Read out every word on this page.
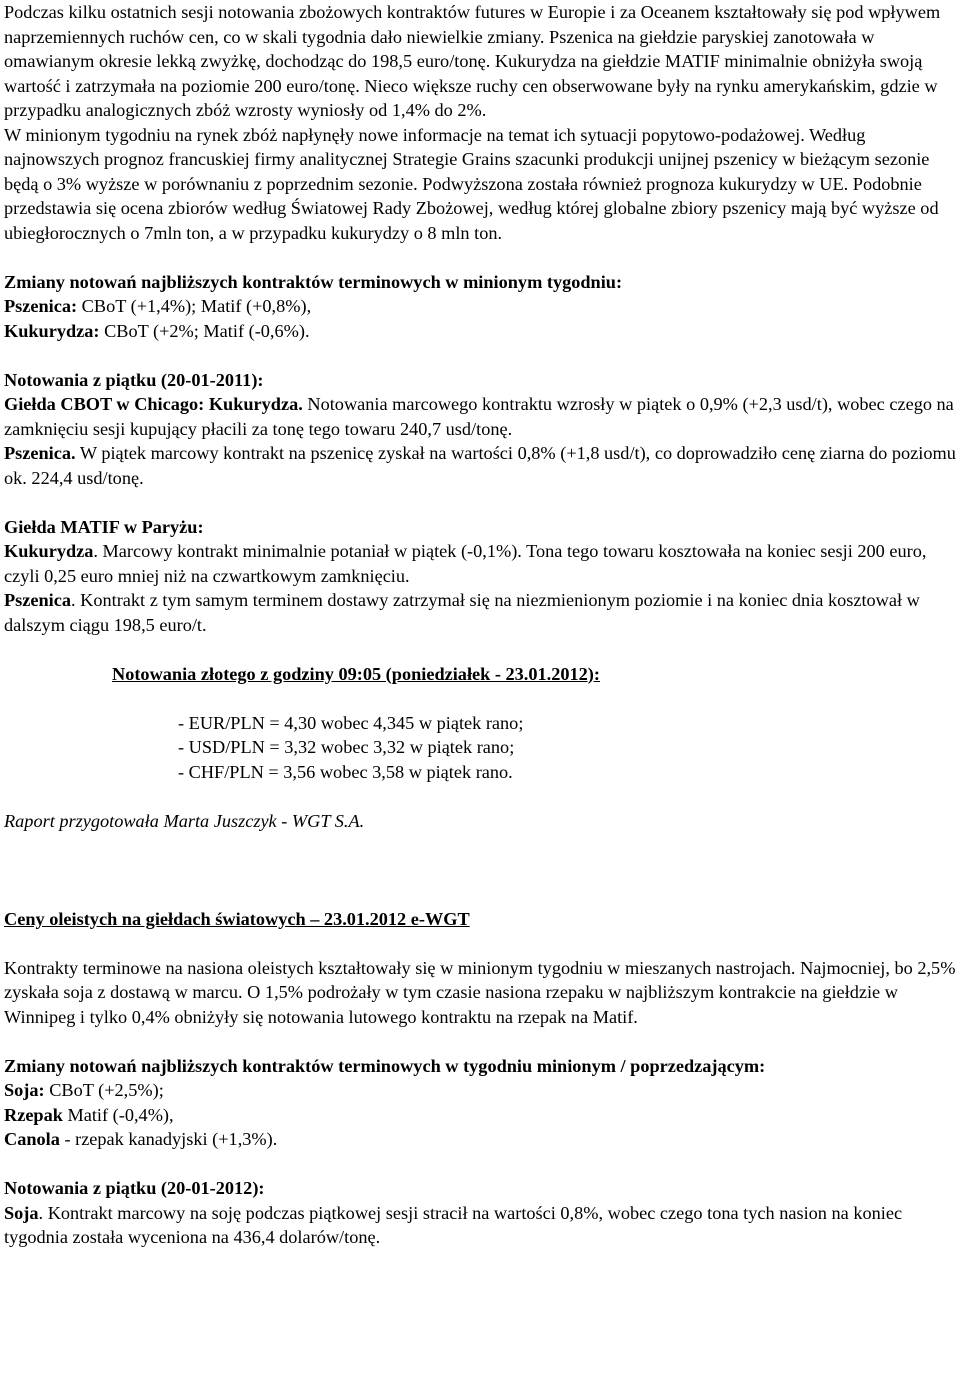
Podczas kilku ostatnich sesji notowania zbożowych kontraktów futures w Europie i za Oceanem kształtowały się pod wpływem naprzemiennych ruchów cen, co w skali tygodnia dało niewielkie zmiany. Pszenica na giełdzie paryskiej zanotowała w omawianym okresie lekką zwyżkę, dochodząc do 198,5 euro/tonę. Kukurydza na giełdzie MATIF minimalnie obniżyła swoją wartość i zatrzymała na poziomie 200 euro/tonę. Nieco większe ruchy cen obserwowane były na rynku amerykańskim, gdzie w przypadku analogicznych zbóż wzrosty wyniosły od 1,4% do 2%.

W minionym tygodniu na rynek zbóż napłynęły nowe informacje na temat ich sytuacji popytowo-podażowej. Według najnowszych prognoz francuskiej firmy analitycznej Strategie Grains szacunki produkcji unijnej pszenicy w bieżącym sezonie będą o 3% wyższe w porównaniu z poprzednim sezonie. Podwyższona została również prognoza kukurydzy w UE. Podobnie przedstawia się ocena zbiorów według Światowej Rady Zbożowej, według której globalne zbiory pszenicy mają być wyższe od ubiegłorocznych o 7mln ton, a w przypadku kukurydzy o 8 mln ton.

Zmiany notowań najbliższych kontraktów terminowych w minionym tygodniu:

Pszenica: CBoT (+1,4%); Matif (+0,8%),

Kukurydza: CBoT (+2%; Matif (-0,6%).

Notowania z piątku (20-01-2011):

Giełda CBOT w Chicago: Kukurydza. Notowania marcowego kontraktu wzrosły w piątek o 0,9% (+2,3 usd/t), wobec czego na zamknięciu sesji kupujący płacili za tonę tego towaru 240,7 usd/tonę.

Pszenica. W piątek marcowy kontrakt na pszenicę zyskał na wartości 0,8% (+1,8 usd/t), co doprowadziło cenę ziarna do poziomu ok. 224,4 usd/tonę.

Giełda MATIF w Paryżu:

Kukurydza. Marcowy kontrakt minimalnie potaniał w piątek (-0,1%). Tona tego towaru kosztowała na koniec sesji 200 euro, czyli 0,25 euro mniej niż na czwartkowym zamknięciu.

Pszenica. Kontrakt z tym samym terminem dostawy zatrzymał się na niezmienionym poziomie i na koniec dnia kosztował w dalszym ciągu 198,5 euro/t.

Notowania złotego z godziny 09:05 (poniedziałek - 23.01.2012):

- EUR/PLN = 4,30 wobec 4,345 w piątek rano;

- USD/PLN = 3,32 wobec 3,32 w piątek rano;

- CHF/PLN = 3,56 wobec 3,58 w piątek rano.

Raport przygotowała Marta Juszczyk - WGT S.A.

Ceny oleistych na giełdach światowych – 23.01.2012 e-WGT

Kontrakty terminowe na nasiona oleistych kształtowały się w minionym tygodniu w mieszanych nastrojach. Najmocniej, bo 2,5% zyskała soja z dostawą w marcu. O 1,5% podrożały w tym czasie nasiona rzepaku w najbliższym kontrakcie na giełdzie w Winnipeg i tylko 0,4% obniżyły się notowania lutowego kontraktu na rzepak na Matif.

Zmiany notowań najbliższych kontraktów terminowych w tygodniu minionym / poprzedzającym:

Soja: CBoT (+2,5%);

Rzepak Matif (-0,4%),

Canola - rzepak kanadyjski (+1,3%).

Notowania z piątku (20-01-2012):

Soja. Kontrakt marcowy na soję podczas piątkowej sesji stracił na wartości 0,8%, wobec czego tona tych nasion na koniec tygodnia została wyceniona na 436,4 dolarów/tonę.
